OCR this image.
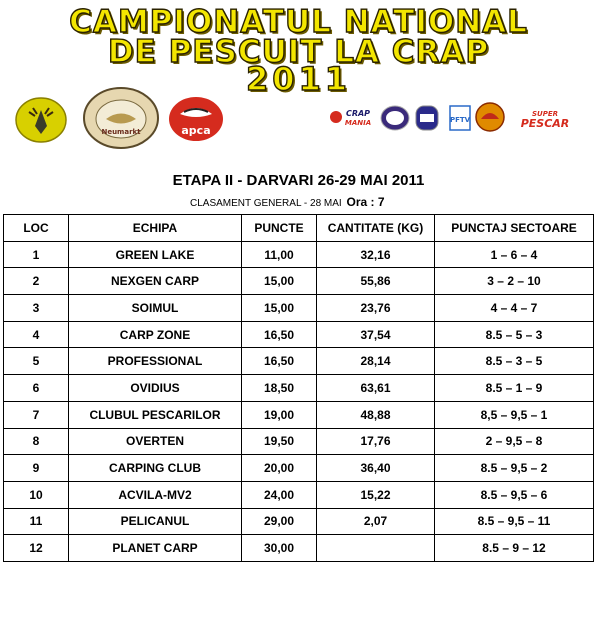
CAMPIONATUL NATIONAL
DE PESCUIT LA CRAP
2011
Neumarkt	apca
CRAP
MANIA	PFTV
SUPER
PESCAR
ETAPA II - DARVARI 26-29 MAI 2011
CLASAMENT GENERAL - 28 MAI Ora : 7
LOC	ECHIPA	PUNCTE	CANTITATE (KG)	PUNCTAJ SECTOARE
1	GREEN LAKE	11,00	32,16	1 – 6 – 4
2	NEXGEN CARP	15,00	55,86	3 – 2 – 10
3	SOIMUL	15,00	23,76	4 – 4 – 7
4	CARP ZONE	16,50	37,54	8.5 – 5 – 3
5	PROFESSIONAL	16,50	28,14	8.5 – 3 – 5
6	OVIDIUS	18,50	63,61	8.5 – 1 – 9
7	CLUBUL PESCARILOR	19,00	48,88	8,5 – 9,5 – 1
8	OVERTEN	19,50	17,76	2 – 9,5 – 8
9	CARPING CLUB	20,00	36,40	8.5 – 9,5 – 2
10	ACVILA-MV2	24,00	15,22	8.5 – 9,5 – 6
11	PELICANUL	29,00	2,07	8.5 – 9,5 – 11
12	PLANET CARP	30,00		8.5 – 9 – 12
